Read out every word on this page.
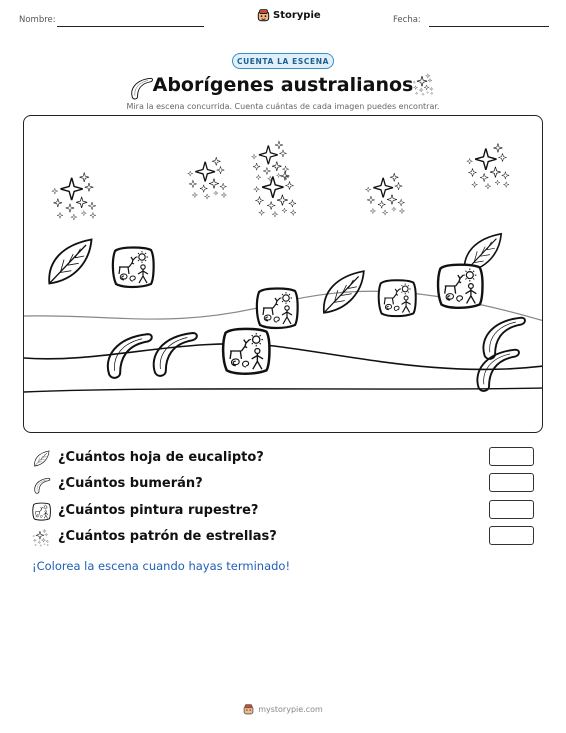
Nombre:	Storypie	Fecha:
CUENTA LA ESCENA
Aborígenes australianos
Mira la escena concurrida. Cuenta cuántas de cada imagen puedes encontrar.
¿Cuántos hoja de eucalipto?
¿Cuántos bumerán?
¿Cuántos pintura rupestre?
¿Cuántos patrón de estrellas?
¡Colorea la escena cuando hayas terminado!
mystorypie.com
